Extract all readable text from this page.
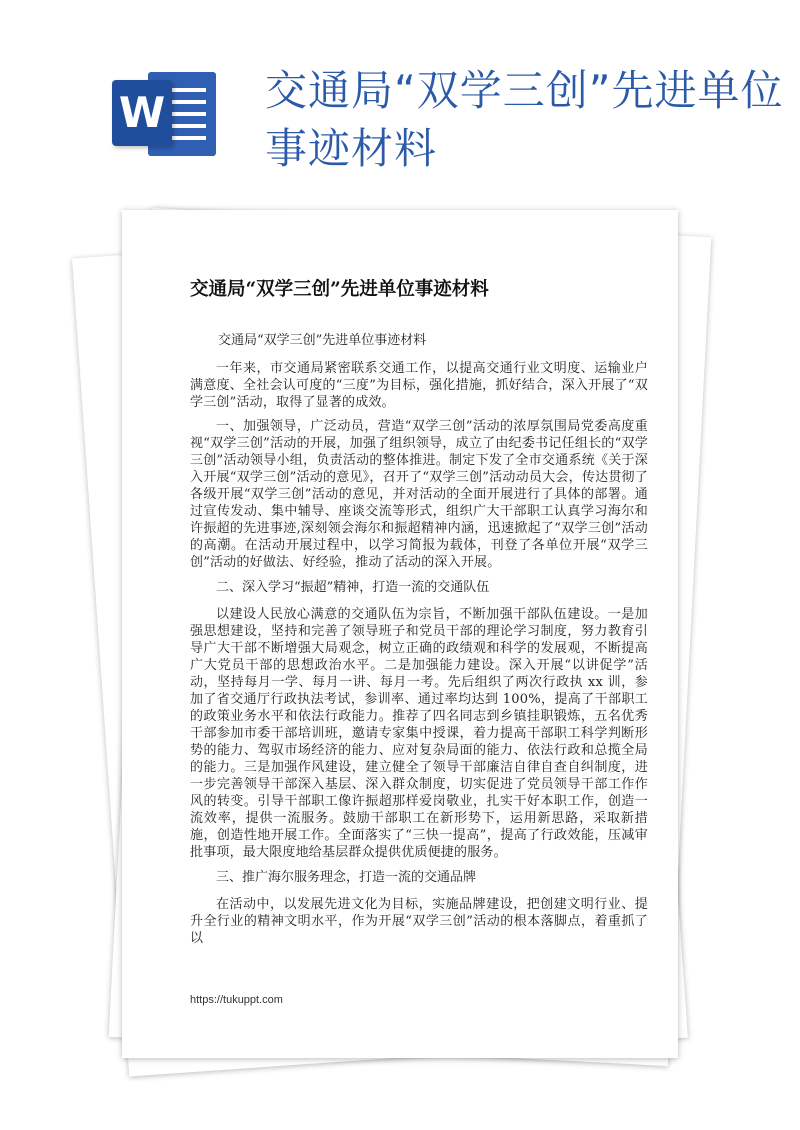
W 交通局“双学三创”先进单位事迹材料
交通局“双学三创”先进单位事迹材料

交通局“双学三创”先进单位事迹材料

一年来，市交通局紧密联系交通工作，以提高交通行业文明度、运输业户满意度、全社会认可度的“三度”为目标，强化措施，抓好结合，深入开展了“双学三创”活动，取得了显著的成效。

一、加强领导，广泛动员，营造“双学三创”活动的浓厚氛围局党委高度重视“双学三创”活动的开展，加强了组织领导，成立了由纪委书记任组长的“双学三创”活动领导小组，负责活动的整体推进。制定下发了全市交通系统《关于深入开展“双学三创”活动的意见》，召开了“双学三创”活动动员大会，传达贯彻了各级开展“双学三创”活动的意见，并对活动的全面开展进行了具体的部署。通过宣传发动、集中辅导、座谈交流等形式，组织广大干部职工认真学习海尔和许振超的先进事迹,深刻领会海尔和振超精神内涵，迅速掀起了“双学三创”活动的高潮。在活动开展过程中，以学习简报为载体，刊登了各单位开展“双学三创”活动的好做法、好经验，推动了活动的深入开展。

二、深入学习“振超”精神，打造一流的交通队伍

以建设人民放心满意的交通队伍为宗旨，不断加强干部队伍建设。一是加强思想建设，坚持和完善了领导班子和党员干部的理论学习制度，努力教育引导广大干部不断增强大局观念，树立正确的政绩观和科学的发展观，不断提高广大党员干部的思想政治水平。二是加强能力建设。深入开展“以讲促学”活动，坚持每月一学、每月一讲、每月一考。先后组织了两次行政执 xx 训，参加了省交通厅行政执法考试，参训率、通过率均达到 100%，提高了干部职工的政策业务水平和依法行政能力。推荐了四名同志到乡镇挂职锻炼，五名优秀干部参加市委干部培训班，邀请专家集中授课，着力提高干部职工科学判断形势的能力、驾驭市场经济的能力、应对复杂局面的能力、依法行政和总揽全局的能力。三是加强作风建设，建立健全了领导干部廉洁自律自查自纠制度，进一步完善领导干部深入基层、深入群众制度，切实促进了党员领导干部工作作风的转变。引导干部职工像许振超那样爱岗敬业，扎实干好本职工作，创造一流效率，提供一流服务。鼓励干部职工在新形势下，运用新思路，采取新措施，创造性地开展工作。全面落实了“三快一提高”，提高了行政效能，压减审批事项，最大限度地给基层群众提供优质便捷的服务。

三、推广海尔服务理念，打造一流的交通品牌

在活动中，以发展先进文化为目标，实施品牌建设，把创建文明行业、提升全行业的精神文明水平，作为开展“双学三创”活动的根本落脚点，着重抓了以

https://tukuppt.com
